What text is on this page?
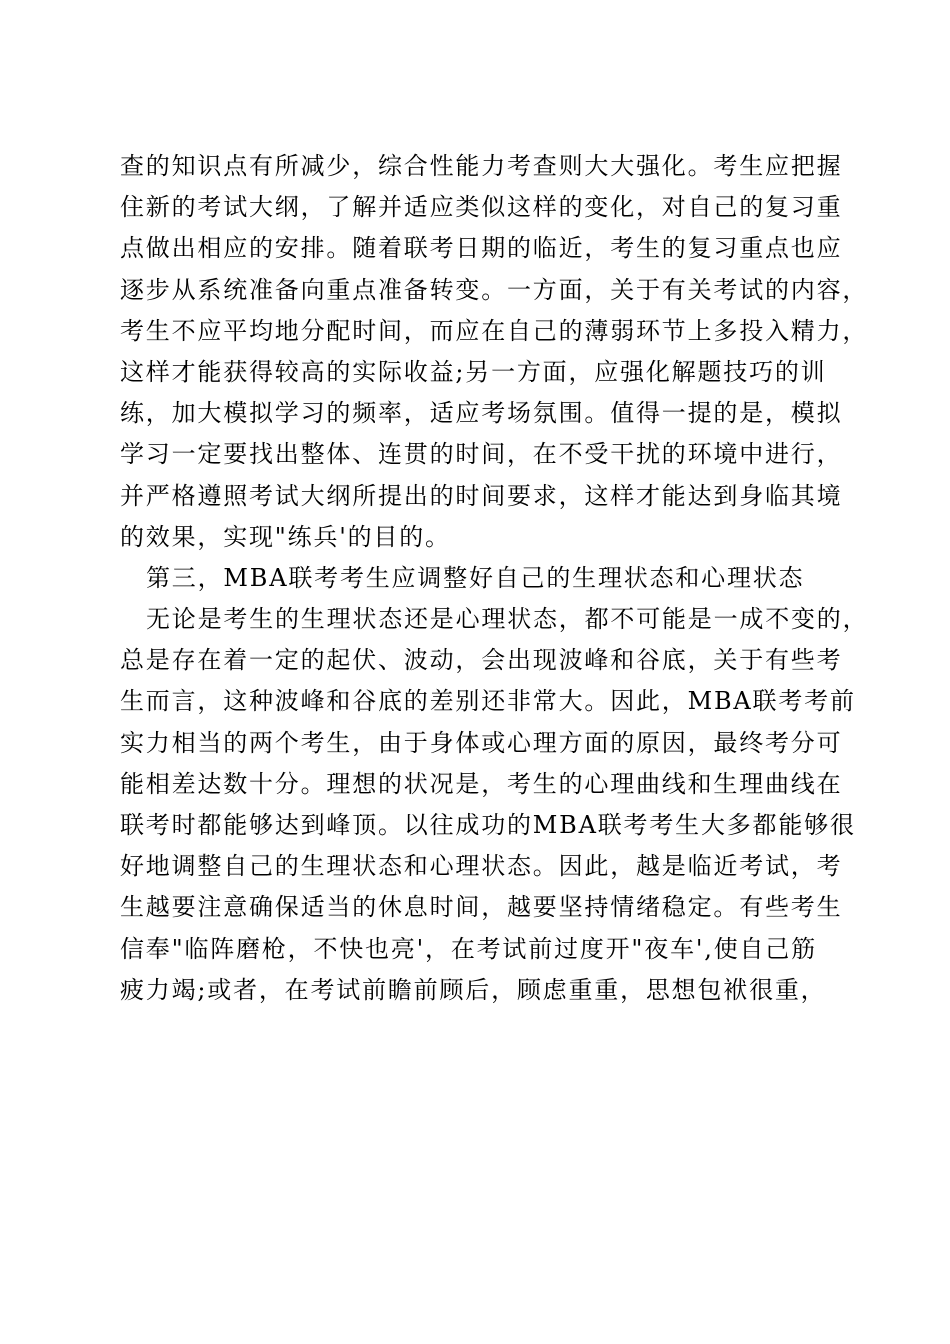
查的知识点有所减少，综合性能力考查则大大强化。考生应把握
住新的考试大纲，了解并适应类似这样的变化，对自己的复习重
点做出相应的安排。随着联考日期的临近，考生的复习重点也应
逐步从系统准备向重点准备转变。一方面，关于有关考试的内容，
考生不应平均地分配时间，而应在自己的薄弱环节上多投入精力，
这样才能获得较高的实际收益;另一方面，应强化解题技巧的训
练，加大模拟学习的频率，适应考场氛围。值得一提的是，模拟
学习一定要找出整体、连贯的时间，在不受干扰的环境中进行，
并严格遵照考试大纲所提出的时间要求，这样才能达到身临其境
的效果，实现"练兵'的目的。
第三，MBA联考考生应调整好自己的生理状态和心理状态
无论是考生的生理状态还是心理状态，都不可能是一成不变的，
总是存在着一定的起伏、波动，会出现波峰和谷底，关于有些考
生而言，这种波峰和谷底的差别还非常大。因此，MBA联考考前
实力相当的两个考生，由于身体或心理方面的原因，最终考分可
能相差达数十分。理想的状况是，考生的心理曲线和生理曲线在
联考时都能够达到峰顶。以往成功的MBA联考考生大多都能够很
好地调整自己的生理状态和心理状态。因此，越是临近考试，考
生越要注意确保适当的休息时间，越要坚持情绪稳定。有些考生
信奉"临阵磨枪，不快也亮'，在考试前过度开"夜车',使自己筋
疲力竭;或者，在考试前瞻前顾后，顾虑重重，思想包袱很重，
